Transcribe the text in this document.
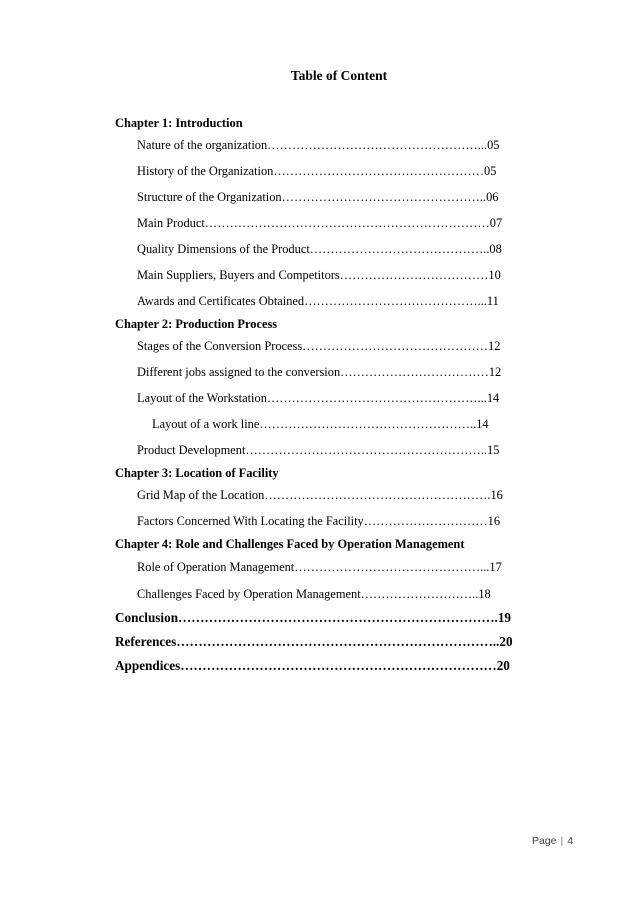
Table of Content
Chapter 1: Introduction
Nature of the organization……………………………………………...05
History of the Organization……………………………………………05
Structure of the Organization…………………………………………..06
Main Product……………………………………………………………07
Quality Dimensions of the Product……………………………………..08
Main Suppliers, Buyers and Competitors………………………………10
Awards and Certificates Obtained……………………………………...11
Chapter 2: Production Process
Stages of the Conversion Process………………………………………12
Different jobs assigned to the conversion………………………………12
Layout of the Workstation……………………………………………...14
Layout of a work line……………………………………………..14
Product Development…………………………………………………..15
Chapter 3: Location of Facility
Grid Map of the Location……………………………………………….16
Factors Concerned With Locating the Facility…………………………16
Chapter 4: Role and Challenges Faced by Operation Management
Role of Operation Management………………………………………...17
Challenges Faced by Operation Management………………………..18
Conclusion……………………………………………………………….19
References………………………………………………………………..20
Appendices………………………………………………………………20
Page | 4
